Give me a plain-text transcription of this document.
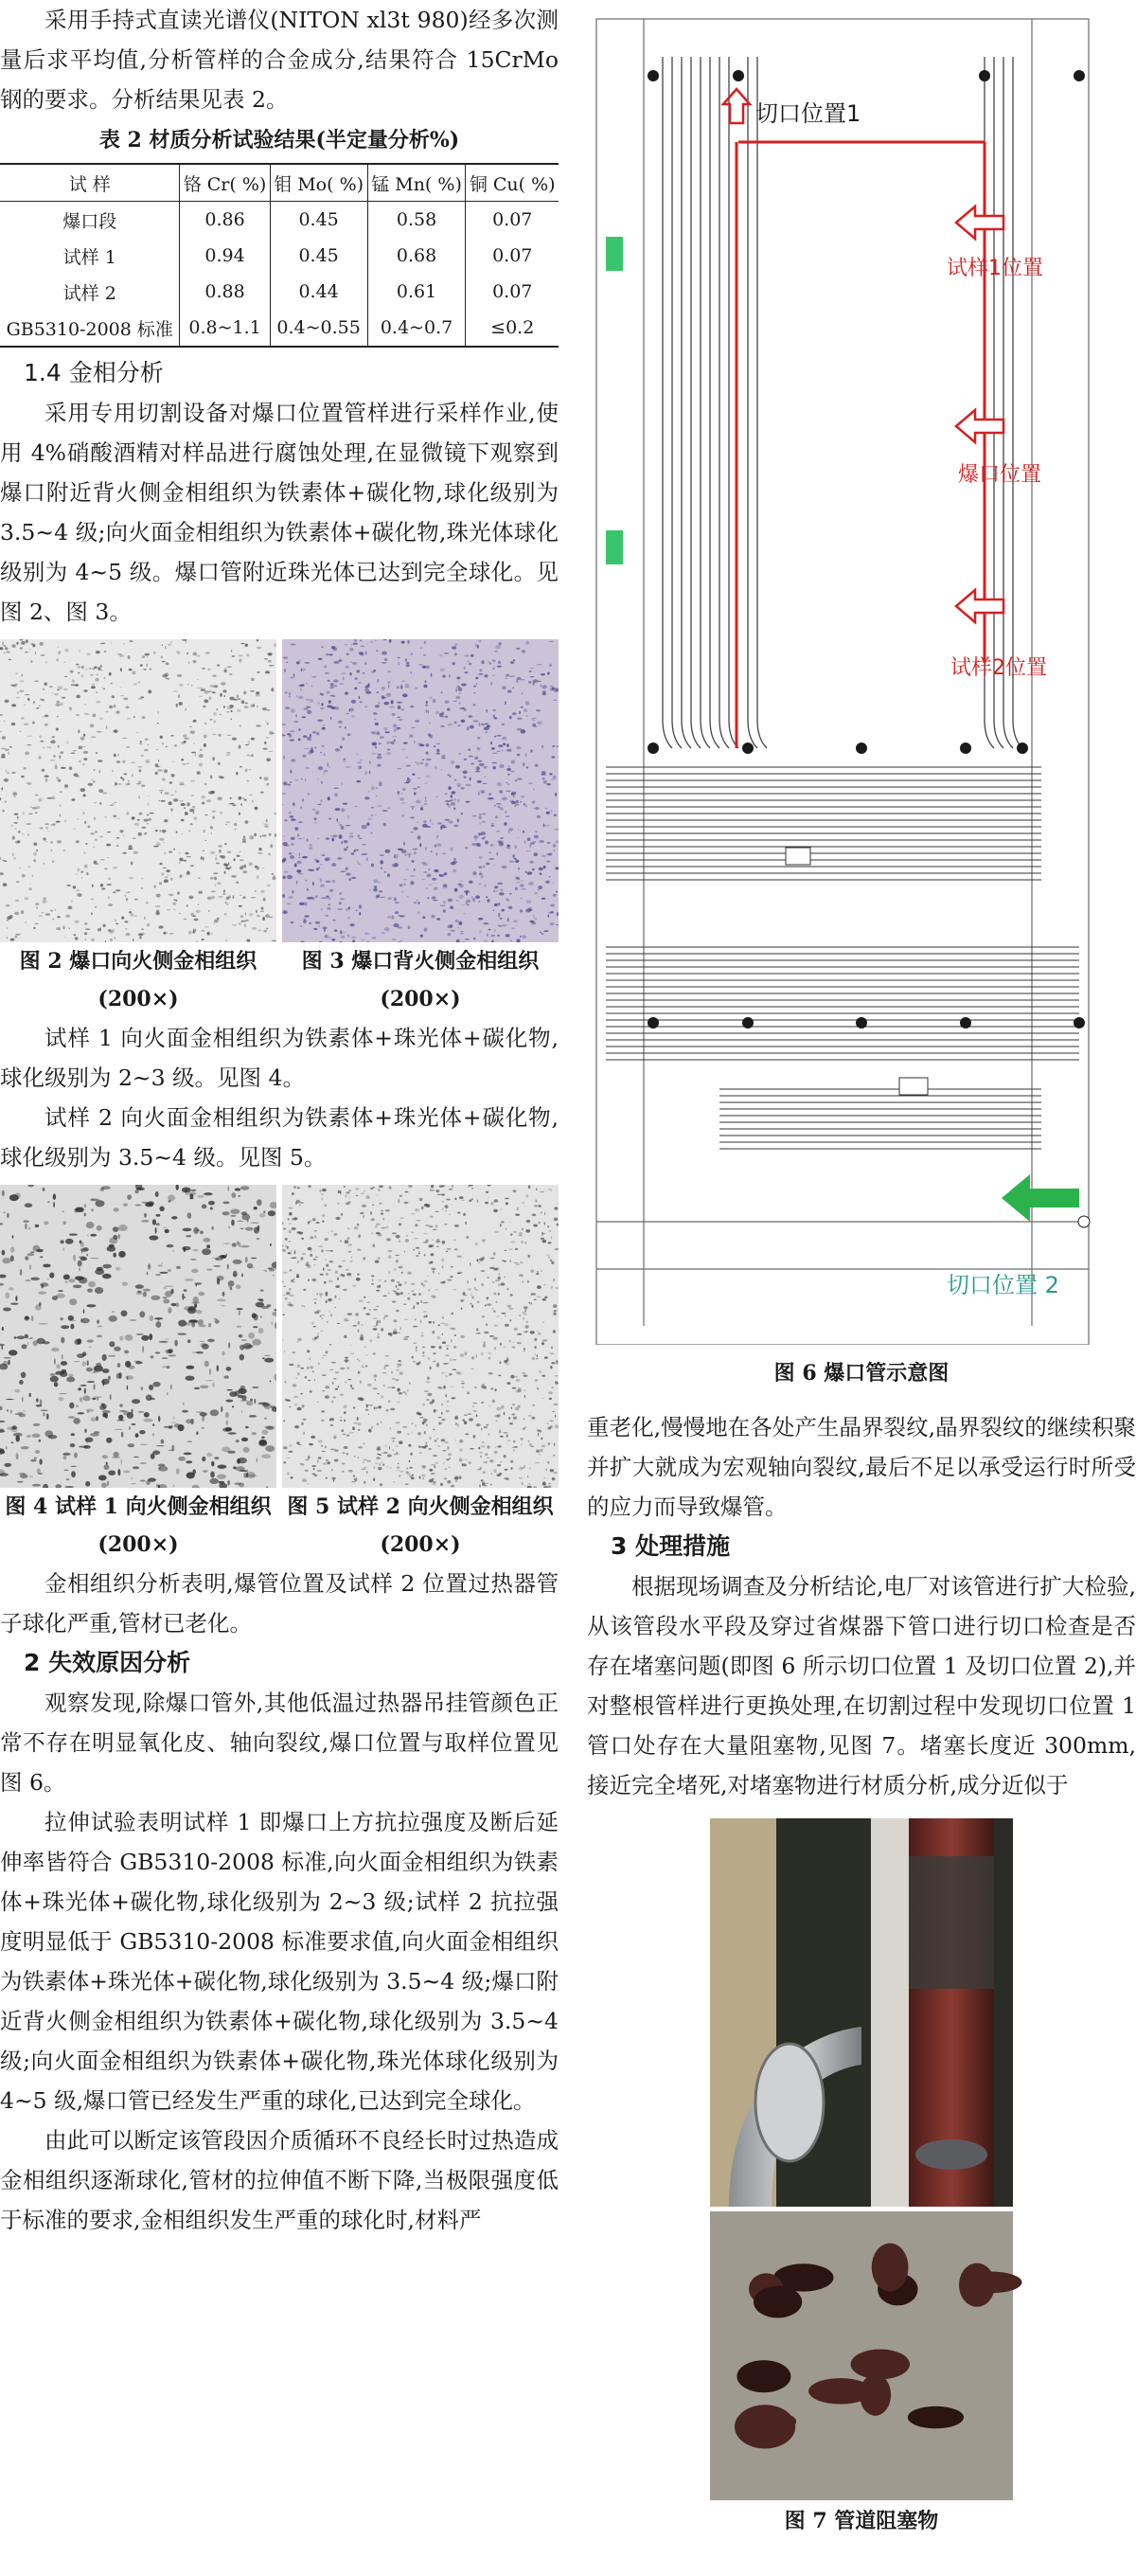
采用手持式直读光谱仪(NITON xl3t 980)经多次测量后求平均值,分析管样的合金成分,结果符合 15CrMo 钢的要求。分析结果见表 2。

表 2 材质分析试验结果(半定量分析%)
试 样	铬 Cr( %)	钼 Mo( %)	锰 Mn( %)	铜 Cu( %)
爆口段	0.86	0.45	0.58	0.07
试样 1	0.94	0.45	0.68	0.07
试样 2	0.88	0.44	0.61	0.07
GB5310-2008 标准	0.8~1.1	0.4~0.55	0.4~0.7	≤0.2
1.4 金相分析

采用专用切割设备对爆口位置管样进行采样作业,使用 4%硝酸酒精对样品进行腐蚀处理,在显微镜下观察到爆口附近背火侧金相组织为铁素体+碳化物,球化级别为 3.5~4 级;向火面金相组织为铁素体+碳化物,珠光体球化级别为 4~5 级。爆口管附近珠光体已达到完全球化。见图 2、图 3。

图 2 爆口向火侧金相组织(200×)
图 3 爆口背火侧金相组织(200×)

试样 1 向火面金相组织为铁素体+珠光体+碳化物,球化级别为 2~3 级。见图 4。

试样 2 向火面金相组织为铁素体+珠光体+碳化物,球化级别为 3.5~4 级。见图 5。

图 4 试样 1 向火侧金相组织(200×)
图 5 试样 2 向火侧金相组织(200×)

金相组织分析表明,爆管位置及试样 2 位置过热器管子球化严重,管材已老化。

2 失效原因分析

观察发现,除爆口管外,其他低温过热器吊挂管颜色正常不存在明显氧化皮、轴向裂纹,爆口位置与取样位置见图 6。

拉伸试验表明试样 1 即爆口上方抗拉强度及断后延伸率皆符合 GB5310-2008 标准,向火面金相组织为铁素体+珠光体+碳化物,球化级别为 2~3 级;试样 2 抗拉强度明显低于 GB5310-2008 标准要求值,向火面金相组织为铁素体+珠光体+碳化物,球化级别为 3.5~4 级;爆口附近背火侧金相组织为铁素体+碳化物,球化级别为 3.5~4 级;向火面金相组织为铁素体+碳化物,珠光体球化级别为 4~5 级,爆口管已经发生严重的球化,已达到完全球化。

由此可以断定该管段因介质循环不良经长时过热造成金相组织逐渐球化,管材的拉伸值不断下降,当极限强度低于标准的要求,金相组织发生严重的球化时,材料严

切口位置1
试样1位置
爆口位置
试样2位置
切口位置 2
图 6 爆口管示意图

重老化,慢慢地在各处产生晶界裂纹,晶界裂纹的继续积聚并扩大就成为宏观轴向裂纹,最后不足以承受运行时所受的应力而导致爆管。

3 处理措施

根据现场调查及分析结论,电厂对该管进行扩大检验,从该管段水平段及穿过省煤器下管口进行切口检查是否存在堵塞问题(即图 6 所示切口位置 1 及切口位置 2),并对整根管样进行更换处理,在切割过程中发现切口位置 1 管口处存在大量阻塞物,见图 7。堵塞长度近 300mm,接近完全堵死,对堵塞物进行材质分析,成分近似于

图 7 管道阻塞物
